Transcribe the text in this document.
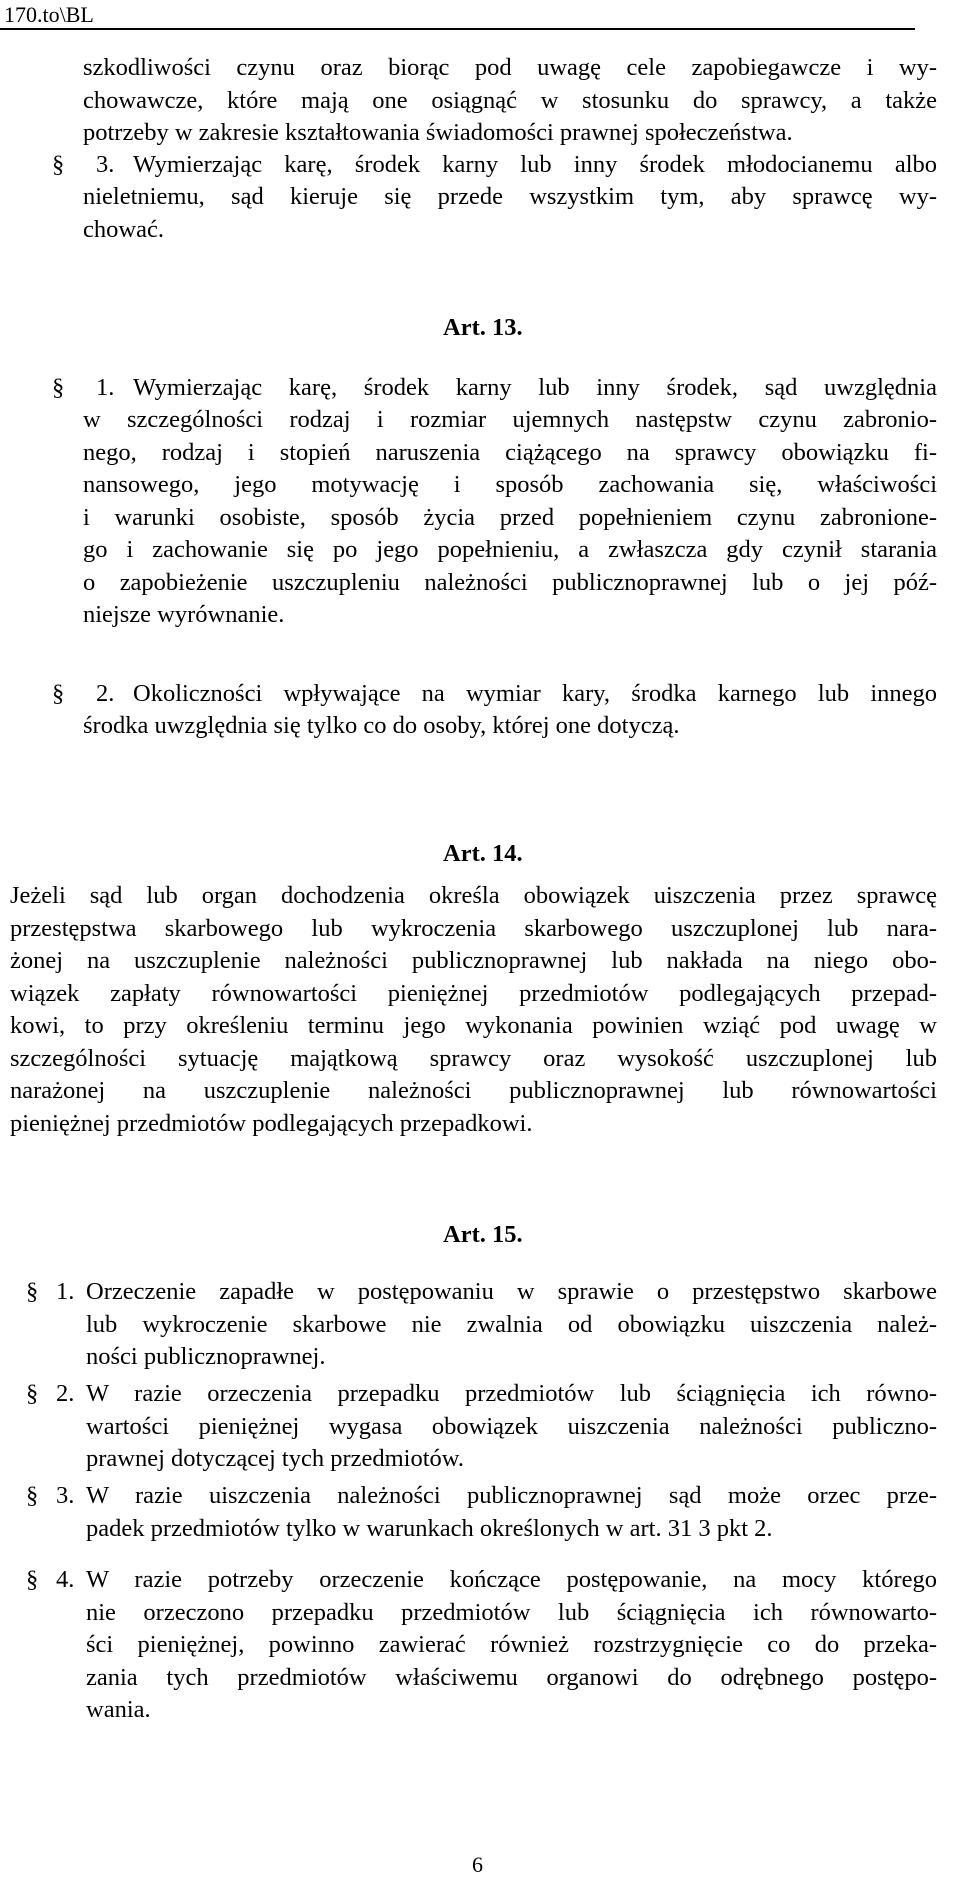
170.to\BL
szkodliwości czynu oraz biorąc pod uwagę cele zapobiegawcze i wy-
chowawcze, które mają one osiągnąć w stosunku do sprawcy, a także
potrzeby w zakresie kształtowania świadomości prawnej społeczeństwa.
§ 3. Wymierzając karę, środek karny lub inny środek młodocianemu albo
nieletniemu, sąd kieruje się przede wszystkim tym, aby sprawcę wy-
chować.
Art. 13.
§ 1. Wymierzając karę, środek karny lub inny środek, sąd uwzględnia
w szczególności rodzaj i rozmiar ujemnych następstw czynu zabronio-
nego, rodzaj i stopień naruszenia ciążącego na sprawcy obowiązku fi-
nansowego, jego motywację i sposób zachowania się, właściwości
i warunki osobiste, sposób życia przed popełnieniem czynu zabronione-
go i zachowanie się po jego popełnieniu, a zwłaszcza gdy czynił starania
o zapobieżenie uszczupleniu należności publicznoprawnej lub o jej póź-
niejsze wyrównanie.
§ 2. Okoliczności wpływające na wymiar kary, środka karnego lub innego
środka uwzględnia się tylko co do osoby, której one dotyczą.
Art. 14.
Jeżeli sąd lub organ dochodzenia określa obowiązek uiszczenia przez sprawcę
przestępstwa skarbowego lub wykroczenia skarbowego uszczuplonej lub nara-
żonej na uszczuplenie należności publicznoprawnej lub nakłada na niego obo-
wiązek zapłaty równowartości pieniężnej przedmiotów podlegających przepad-
kowi, to przy określeniu terminu jego wykonania powinien wziąć pod uwagę w
szczególności sytuację majątkową sprawcy oraz wysokość uszczuplonej lub
narażonej na uszczuplenie należności publicznoprawnej lub równowartości
pieniężnej przedmiotów podlegających przepadkowi.
Art. 15.
§ 1. Orzeczenie zapadłe w postępowaniu w sprawie o przestępstwo skarbowe
lub wykroczenie skarbowe nie zwalnia od obowiązku uiszczenia należ-
ności publicznoprawnej.
§ 2. W razie orzeczenia przepadku przedmiotów lub ściągnięcia ich równo-
wartości pieniężnej wygasa obowiązek uiszczenia należności publiczno-
prawnej dotyczącej tych przedmiotów.
§ 3. W razie uiszczenia należności publicznoprawnej sąd może orzec prze-
padek przedmiotów tylko w warunkach określonych w art. 31 3 pkt 2.
§ 4. W razie potrzeby orzeczenie kończące postępowanie, na mocy którego
nie orzeczono przepadku przedmiotów lub ściągnięcia ich równowarto-
ści pieniężnej, powinno zawierać również rozstrzygnięcie co do przeka-
zania tych przedmiotów właściwemu organowi do odrębnego postępo-
wania.
6
